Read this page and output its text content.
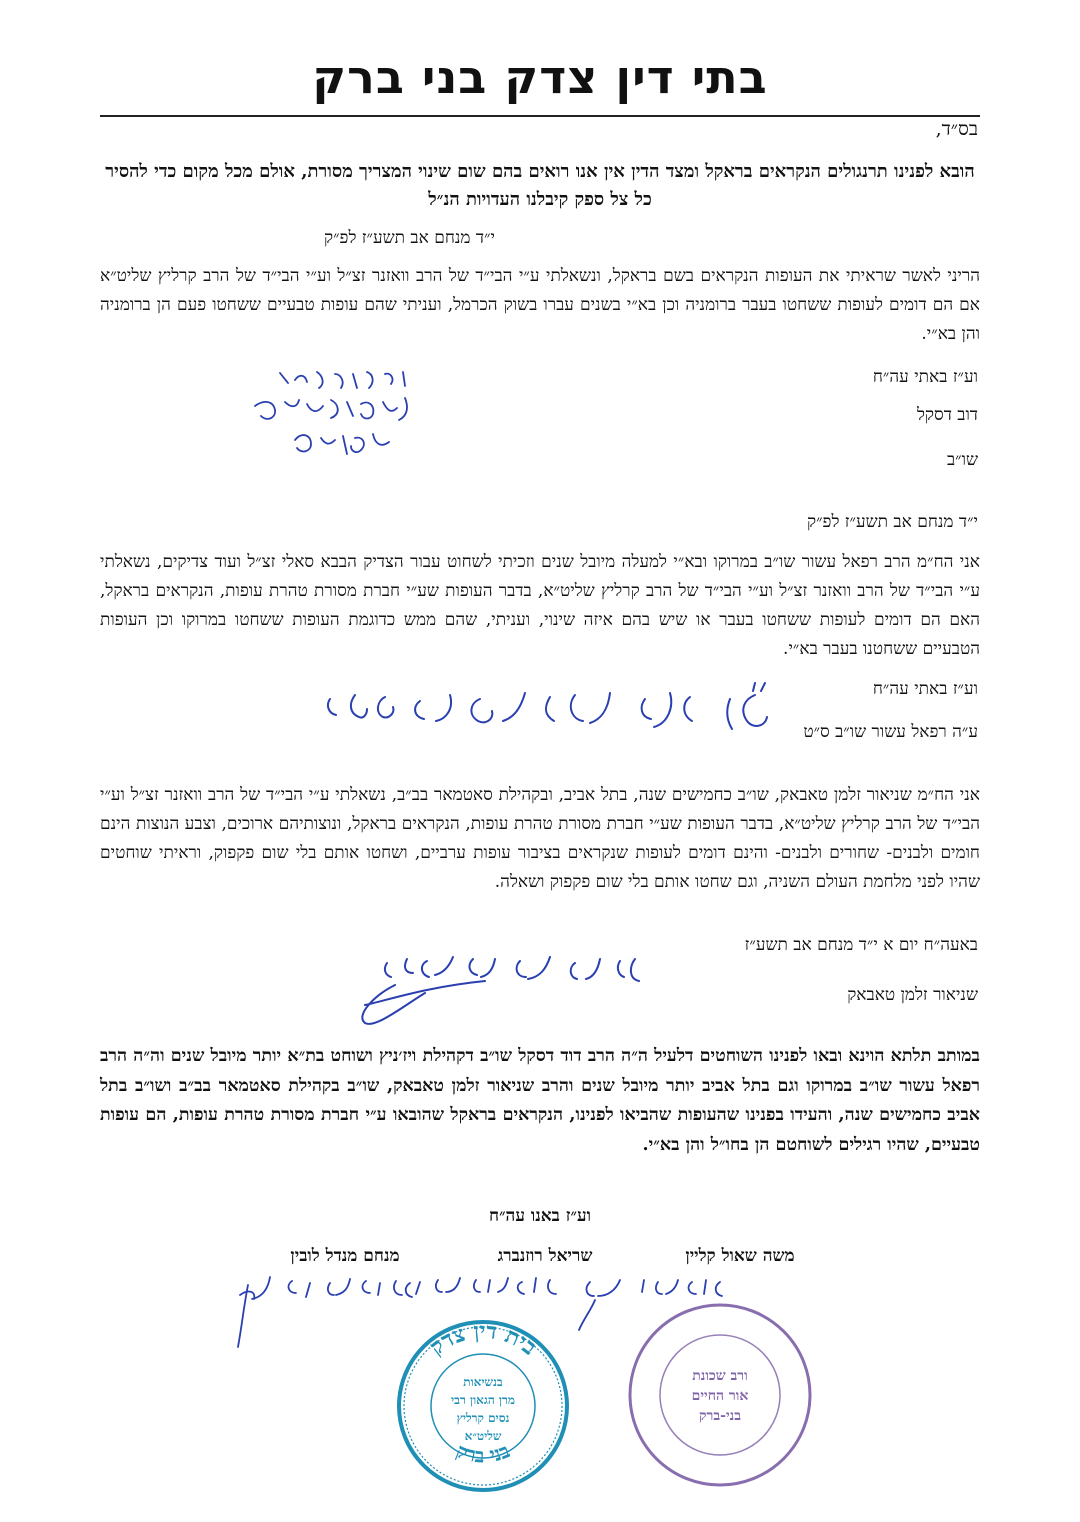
בתי דין צדק בני ברק
בס״ד,
הובא לפנינו תרנגולים הנקראים בראקל ומצד הדין אין אנו רואים בהם שום שינוי המצריך מסורת, אולם מכל מקום כדי להסיר כל צל ספק קיבלנו העדויות הנ״ל
י״ד מנחם אב תשע״ז לפ״ק
הריני לאשר שראיתי את העופות הנקראים בשם בראקל, ונשאלתי ע״י הבי״ד של הרב וואזנר זצ״ל וע״י הבי״ד של הרב קרליץ שליט״א אם הם דומים לעופות ששחטו בעבר ברומניה וכן בא״י בשנים עברו בשוק הכרמל, ועניתי שהם עופות טבעיים ששחטו פעם הן ברומניה והן בא״י.
וע״ז באתי עה״ח
דוב דסקל
שו״ב
י״ד מנחם אב תשע״ז לפ״ק
אני הח״מ הרב רפאל עשור שו״ב במרוקו ובא״י למעלה מיובל שנים וזכיתי לשחוט עבור הצדיק הבבא סאלי זצ״ל ועוד צדיקים, נשאלתי ע״י הבי״ד של הרב וואזנר זצ״ל וע״י הבי״ד של הרב קרליץ שליט״א, בדבר העופות שע״י חברת מסורת טהרת עופות, הנקראים בראקל, האם הם דומים לעופות ששחטו בעבר או שיש בהם איזה שינוי, ועניתי, שהם ממש כדוגמת העופות ששחטו במרוקו וכן העופות הטבעיים ששחטנו בעבר בא״י.
וע״ז באתי עה״ח
ע״ה רפאל עשור שו״ב ס״ט
אני הח״מ שניאור זלמן טאבאק, שו״ב כחמישים שנה, בתל אביב, ובקהילת סאטמאר בב״ב, נשאלתי ע״י הבי״ד של הרב וואזנר זצ״ל וע״י הבי״ד של הרב קרליץ שליט״א, בדבר העופות שע״י חברת מסורת טהרת עופות, הנקראים בראקל, ונוצותיהם ארוכים, וצבע הנוצות הינם חומים ולבנים- שחורים ולבנים- והינם דומים לעופות שנקראים בציבור עופות ערביים, ושחטו אותם בלי שום פקפוק, וראיתי שוחטים שהיו לפני מלחמת העולם השניה, וגם שחטו אותם בלי שום פקפוק ושאלה.
באעה״ח יום א י״ד מנחם אב תשע״ז
שניאור זלמן טאבאק
במותב תלתא הוינא ובאו לפנינו השוחטים דלעיל ה״ה הרב דוד דסקל שו״ב דקהילת ויז׳ניץ ושוחט בת״א יותר מיובל שנים וה״ה הרב רפאל עשור שו״ב במרוקו וגם בתל אביב יותר מיובל שנים והרב שניאור זלמן טאבאק, שו״ב בקהילת סאטמאר בב״ב ושו״ב בתל אביב כחמישים שנה, והעידו בפנינו שהעופות שהביאו לפנינו, הנקראים בראקל שהובאו ע״י חברת מסורת טהרת עופות, הם עופות טבעיים, שהיו רגילים לשוחטם הן בחו״ל והן בא״י.
וע״ז באנו עה״ח
משה שאול קליין
שריאל רוזנברג
מנחם מנדל לובין
בית דין צדק
בני ברק
בנשיאות
מרן הגאון רבי
נסים קרליץ
שליט״א
ורב שכונת
אור החיים
בני-ברק
